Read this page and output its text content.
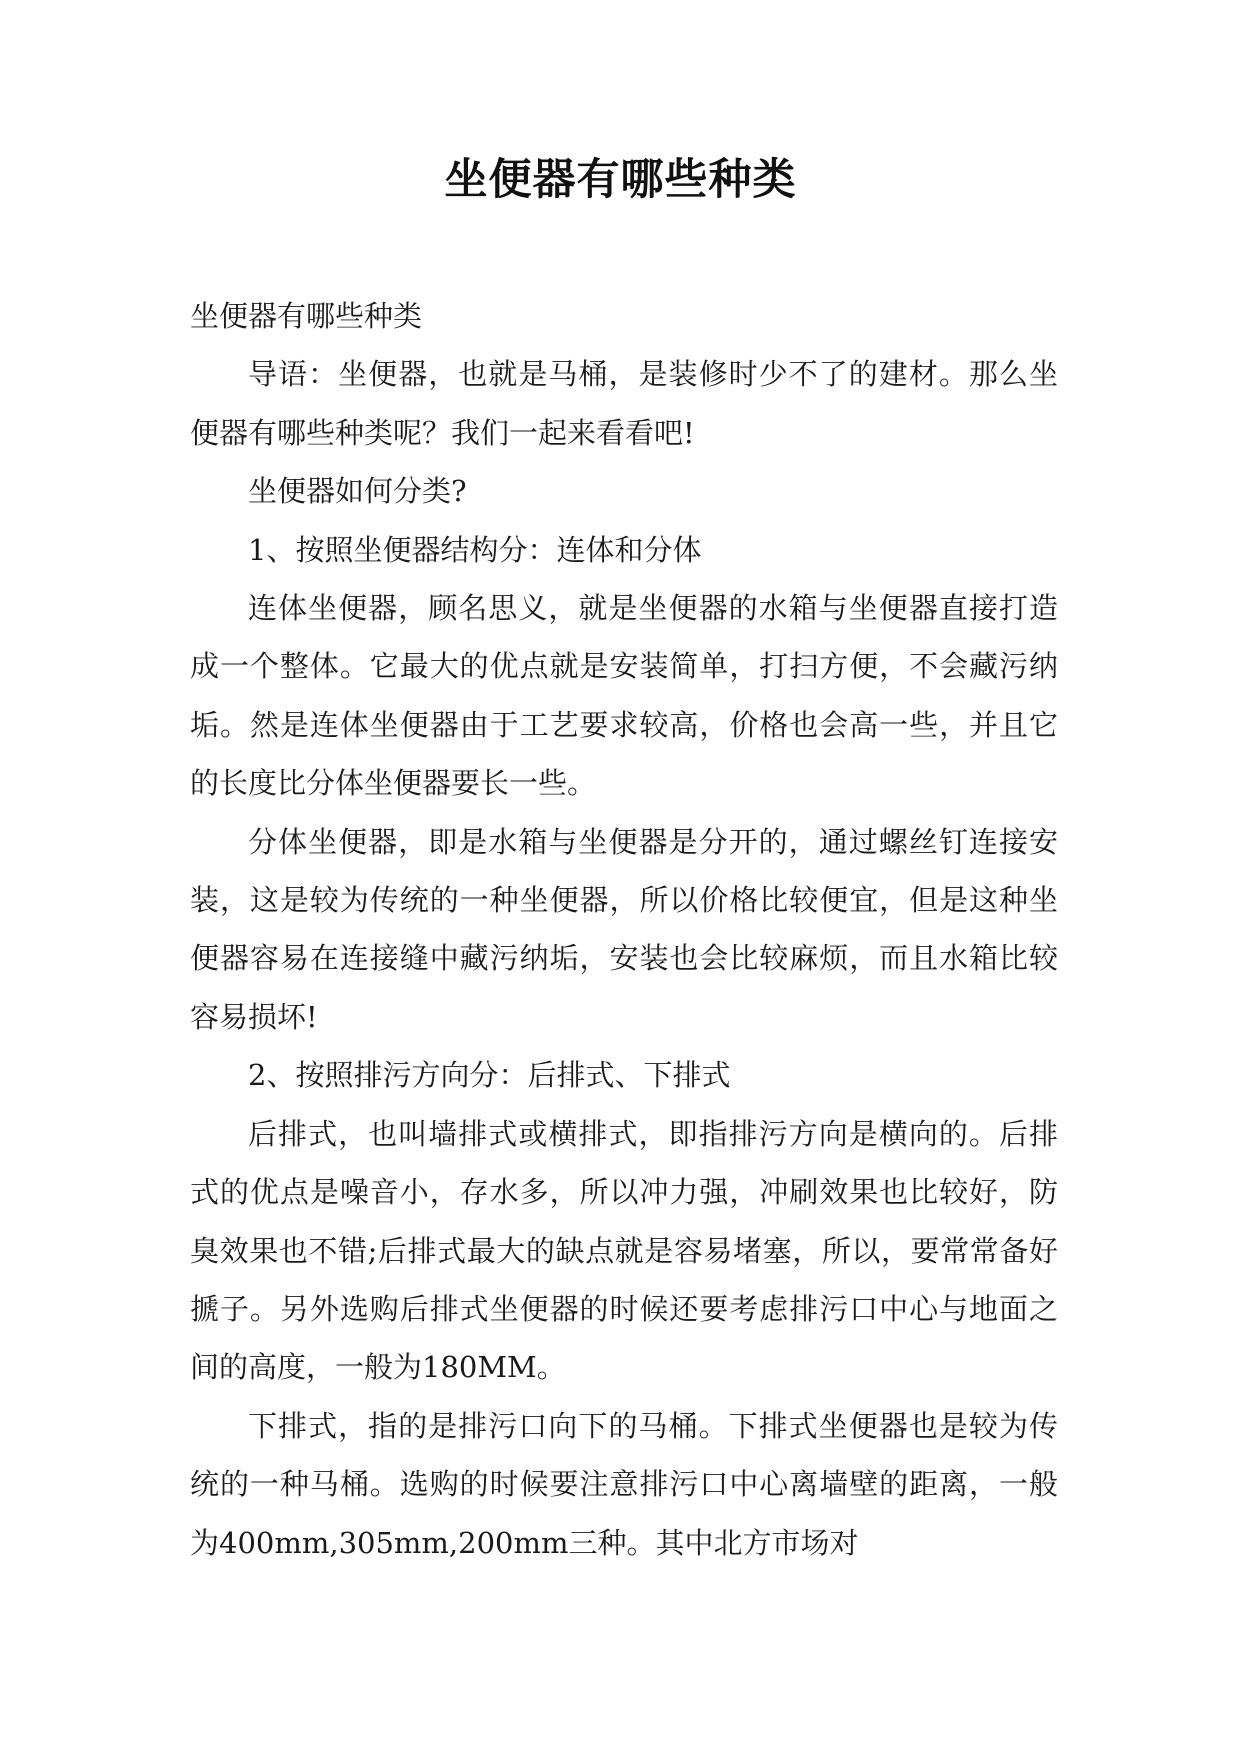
坐便器有哪些种类

坐便器有哪些种类

导语：坐便器，也就是马桶，是装修时少不了的建材。那么坐便器有哪些种类呢？我们一起来看看吧!

坐便器如何分类?

1、按照坐便器结构分：连体和分体

连体坐便器，顾名思义，就是坐便器的水箱与坐便器直接打造成一个整体。它最大的优点就是安装简单，打扫方便，不会藏污纳垢。然是连体坐便器由于工艺要求较高，价格也会高一些，并且它的长度比分体坐便器要长一些。

分体坐便器，即是水箱与坐便器是分开的，通过螺丝钉连接安装，这是较为传统的一种坐便器，所以价格比较便宜，但是这种坐便器容易在连接缝中藏污纳垢，安装也会比较麻烦，而且水箱比较容易损坏!

2、按照排污方向分：后排式、下排式

后排式，也叫墙排式或横排式，即指排污方向是横向的。后排式的优点是噪音小，存水多，所以冲力强，冲刷效果也比较好，防臭效果也不错;后排式最大的缺点就是容易堵塞，所以，要常常备好搋子。另外选购后排式坐便器的时候还要考虑排污口中心与地面之间的高度，一般为180MM。

下排式，指的是排污口向下的马桶。下排式坐便器也是较为传统的一种马桶。选购的时候要注意排污口中心离墙壁的距离，一般为400mm,305mm,200mm三种。其中北方市场对
